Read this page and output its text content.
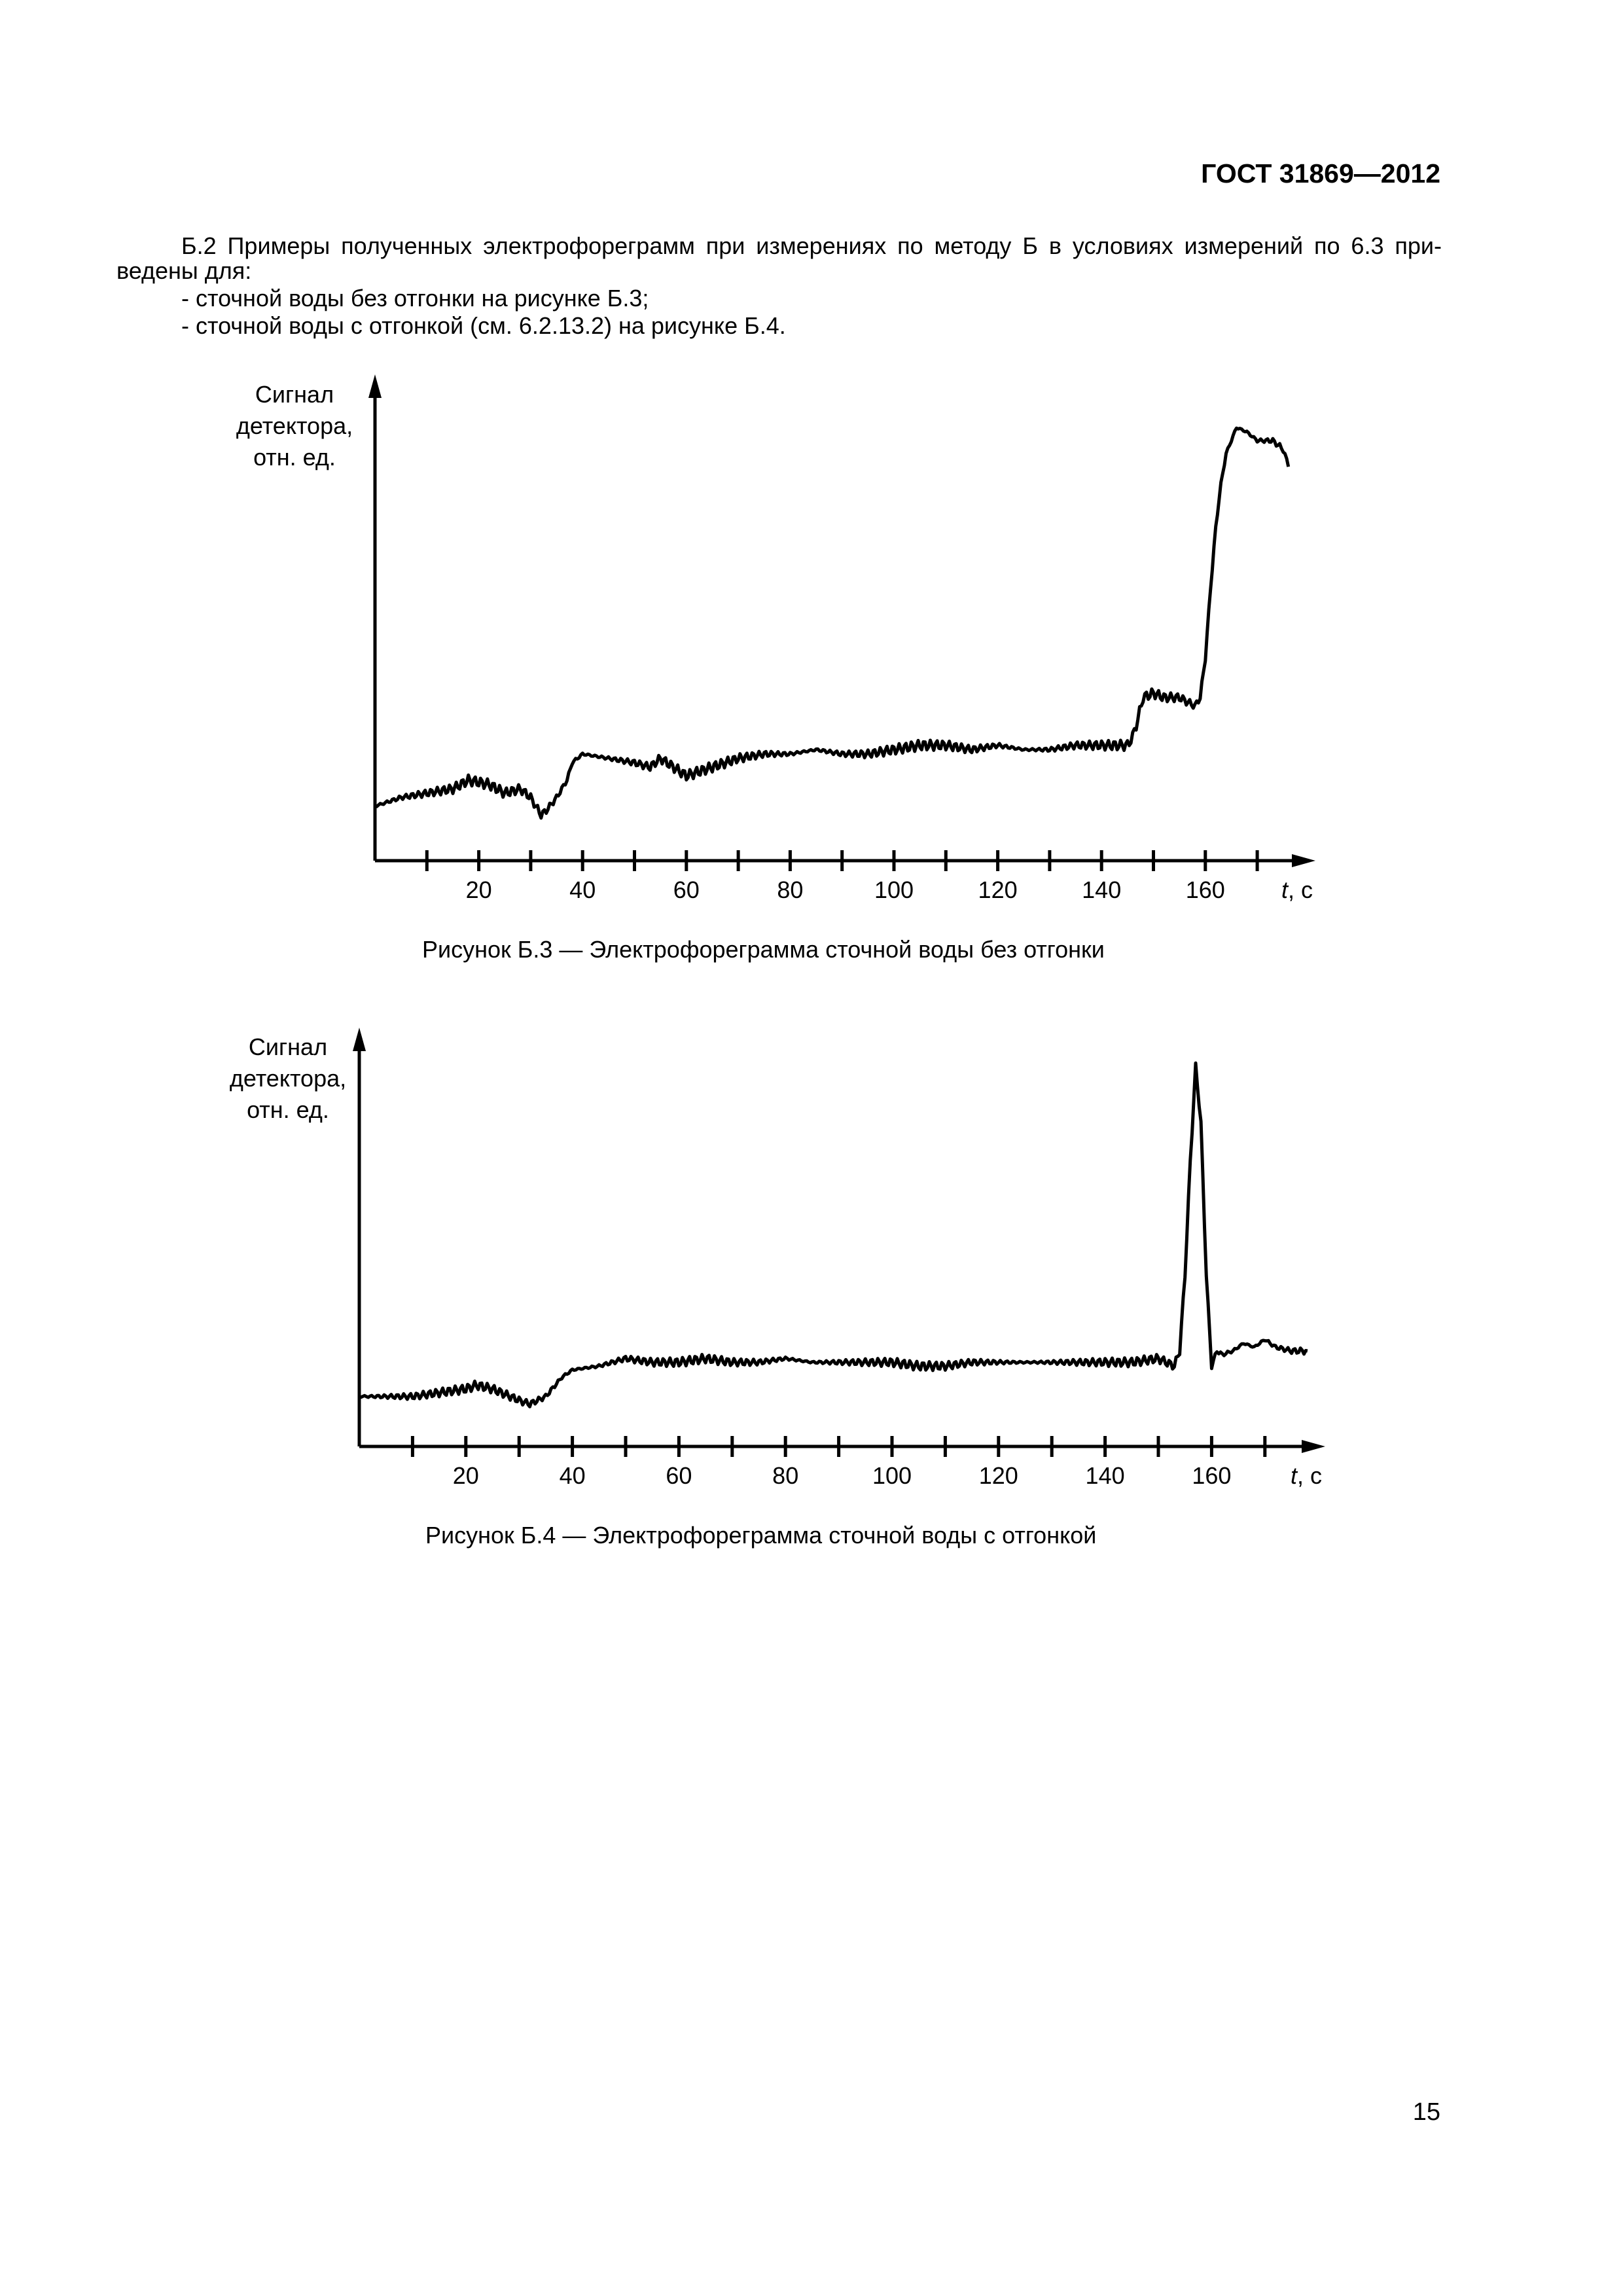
ГОСТ 31869—2012

Б.2 Примеры полученных электрофореграмм при измерениях по методу Б в условиях измерений по 6.3 при-ведены для:

- сточной воды без отгонки на рисунке Б.3;

- сточной воды с отгонкой (см. 6.2.13.2) на рисунке Б.4.

Сигнал
детектора,
отн. ед.
20	40	60	80	100	120	140	160 t, с
Рисунок Б.3 — Электрофореграмма сточной воды без отгонки
Сигнал
детектора,
отн. ед.
20	40	60	80	100	120	140	160	t, с
Рисунок Б.4 — Электрофореграмма сточной воды с отгонкой
15
